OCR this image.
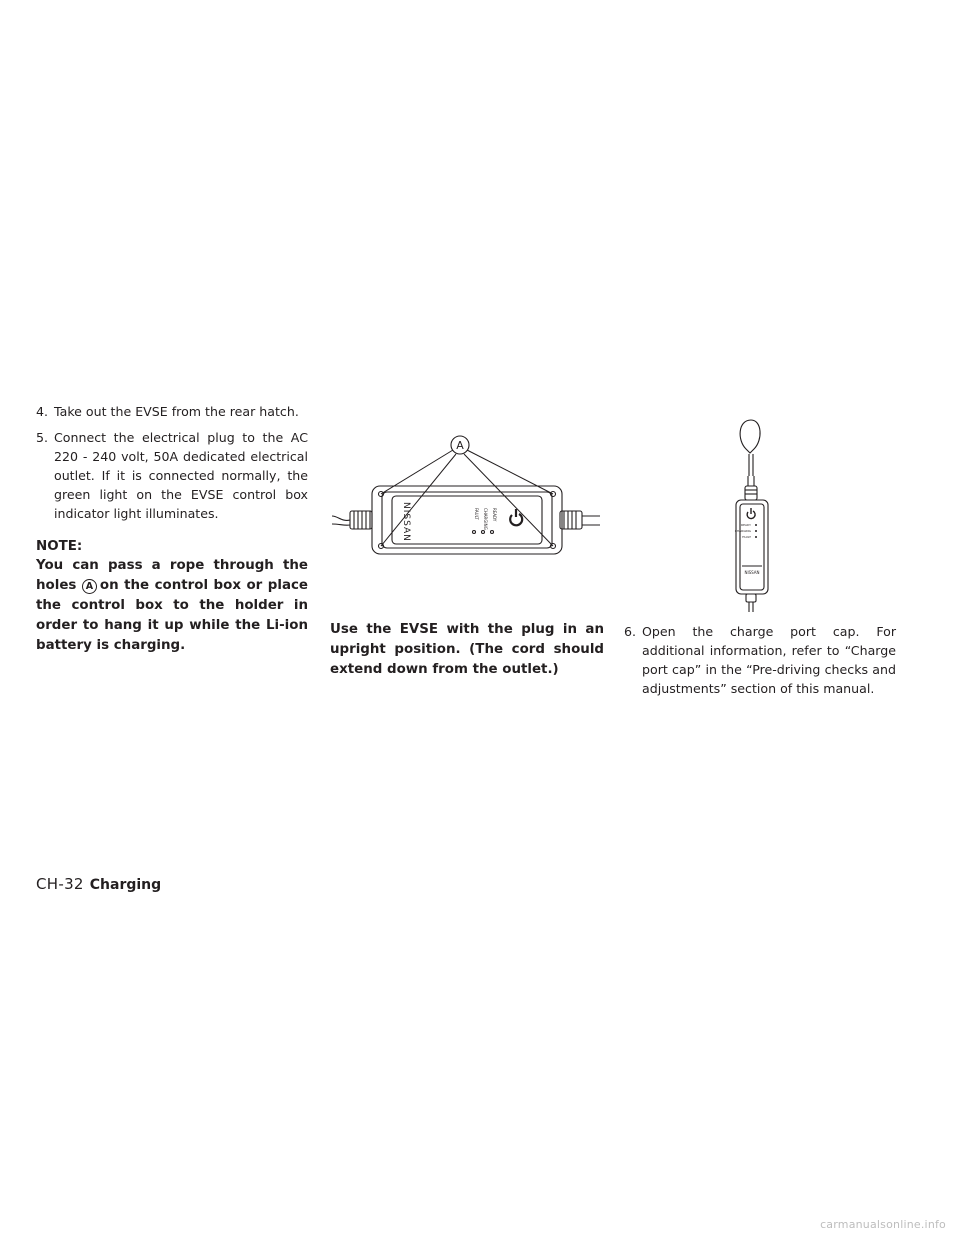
4. Take out the EVSE from the rear hatch.
5. Connect the electrical plug to the AC 220 - 240 volt, 50A dedicated electrical outlet. If it is connected normally, the green light on the EVSE control box indicator light illuminates.
NOTE:
You can pass a rope through the holes A on the control box or place the control box to the holder in order to hang it up while the Li-ion battery is charging.
A
NISSAN	READY
CHARGING
FAULT
READY
CHARGING
FAULT
NISSAN
Use the EVSE with the plug in an upright position. (The cord should extend down from the outlet.)
6. Open the charge port cap. For additional information, refer to “Charge port cap” in the “Pre-driving checks and adjustments” section of this manual.
CH-32 Charging
carmanualsonline.info
